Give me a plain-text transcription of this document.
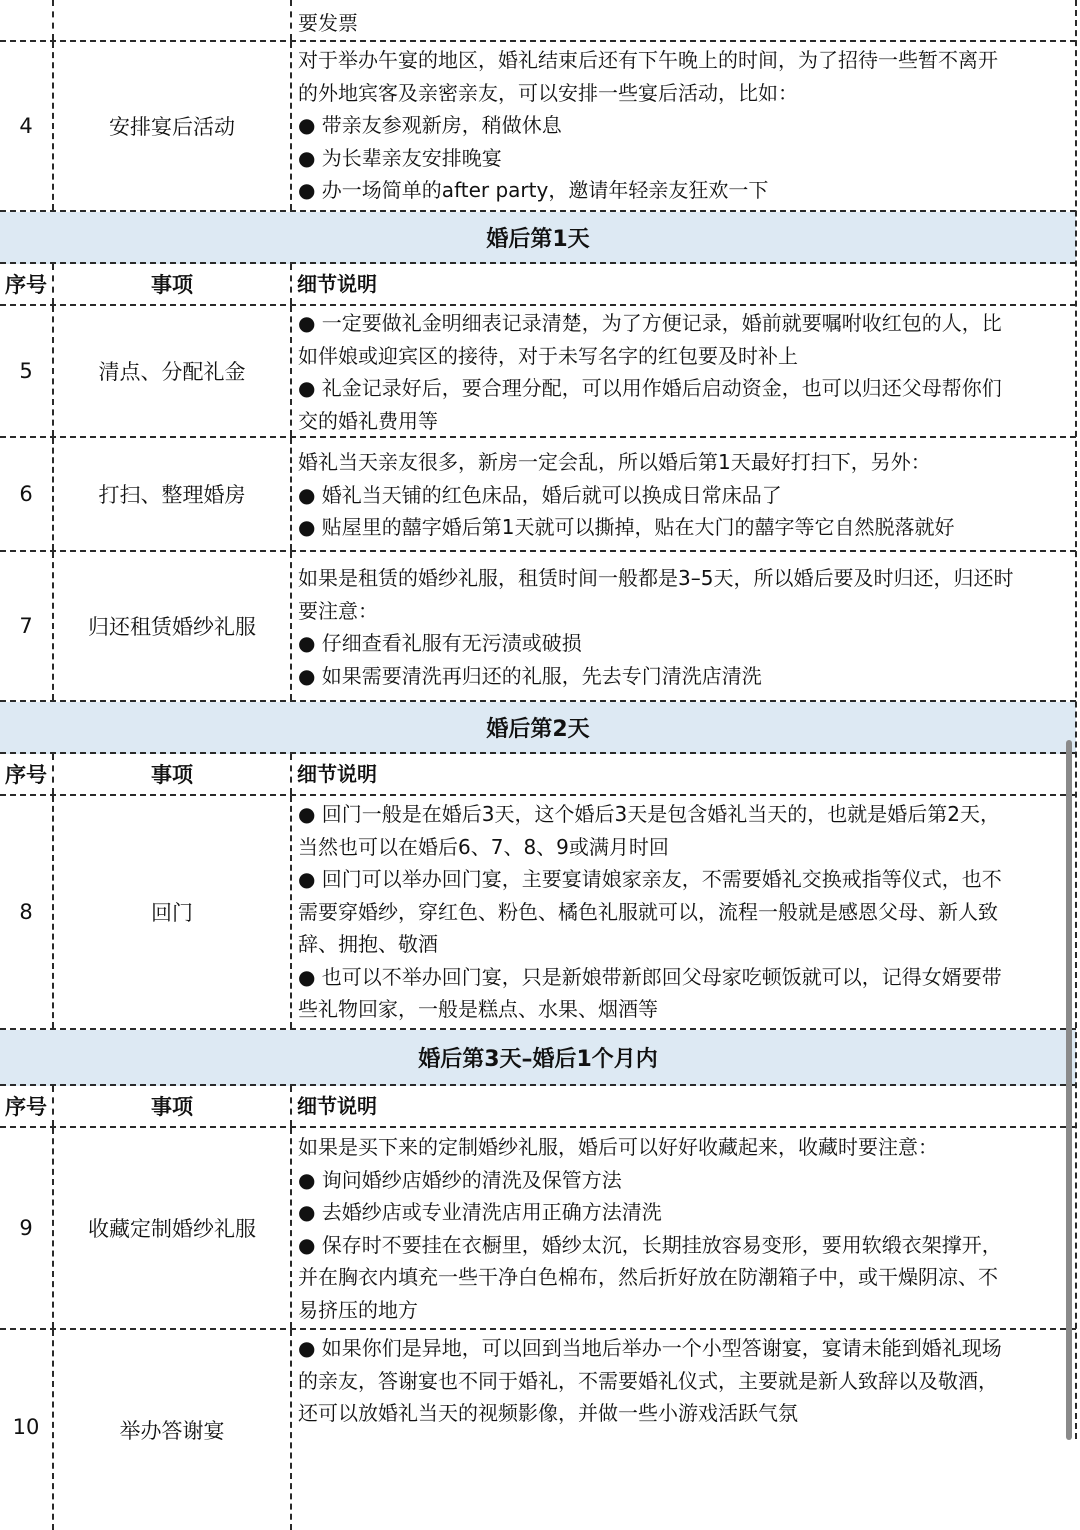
要发票
4	安排宴后活动
对于举办午宴的地区，婚礼结束后还有下午晚上的时间，为了招待一些暂不离开
的外地宾客及亲密亲友，可以安排一些宴后活动，比如：
● 带亲友参观新房，稍做休息
● 为长辈亲友安排晚宴
● 办一场简单的after party，邀请年轻亲友狂欢一下
婚后第1天
序号	事项	细节说明
5	清点、分配礼金
● 一定要做礼金明细表记录清楚，为了方便记录，婚前就要嘱咐收红包的人，比
如伴娘或迎宾区的接待，对于未写名字的红包要及时补上
● 礼金记录好后，要合理分配，可以用作婚后启动资金，也可以归还父母帮你们
交的婚礼费用等
6	打扫、整理婚房
婚礼当天亲友很多，新房一定会乱，所以婚后第1天最好打扫下，另外：
● 婚礼当天铺的红色床品，婚后就可以换成日常床品了
● 贴屋里的囍字婚后第1天就可以撕掉，贴在大门的囍字等它自然脱落就好
7	归还租赁婚纱礼服
如果是租赁的婚纱礼服，租赁时间一般都是3–5天，所以婚后要及时归还，归还时
要注意：
● 仔细查看礼服有无污渍或破损
● 如果需要清洗再归还的礼服，先去专门清洗店清洗
婚后第2天
序号	事项	细节说明
8	回门
● 回门一般是在婚后3天，这个婚后3天是包含婚礼当天的，也就是婚后第2天，
当然也可以在婚后6、7、8、9或满月时回
● 回门可以举办回门宴，主要宴请娘家亲友，不需要婚礼交换戒指等仪式，也不
需要穿婚纱，穿红色、粉色、橘色礼服就可以，流程一般就是感恩父母、新人致
辞、拥抱、敬酒
● 也可以不举办回门宴，只是新娘带新郎回父母家吃顿饭就可以，记得女婿要带
些礼物回家，一般是糕点、水果、烟酒等
婚后第3天–婚后1个月内
序号	事项	细节说明
9	收藏定制婚纱礼服
如果是买下来的定制婚纱礼服，婚后可以好好收藏起来，收藏时要注意：
● 询问婚纱店婚纱的清洗及保管方法
● 去婚纱店或专业清洗店用正确方法清洗
● 保存时不要挂在衣橱里，婚纱太沉，长期挂放容易变形，要用软缎衣架撑开，
并在胸衣内填充一些干净白色棉布，然后折好放在防潮箱子中，或干燥阴凉、不
易挤压的地方
10	举办答谢宴
● 如果你们是异地，可以回到当地后举办一个小型答谢宴，宴请未能到婚礼现场
的亲友，答谢宴也不同于婚礼，不需要婚礼仪式，主要就是新人致辞以及敬酒，
还可以放婚礼当天的视频影像，并做一些小游戏活跃气氛
